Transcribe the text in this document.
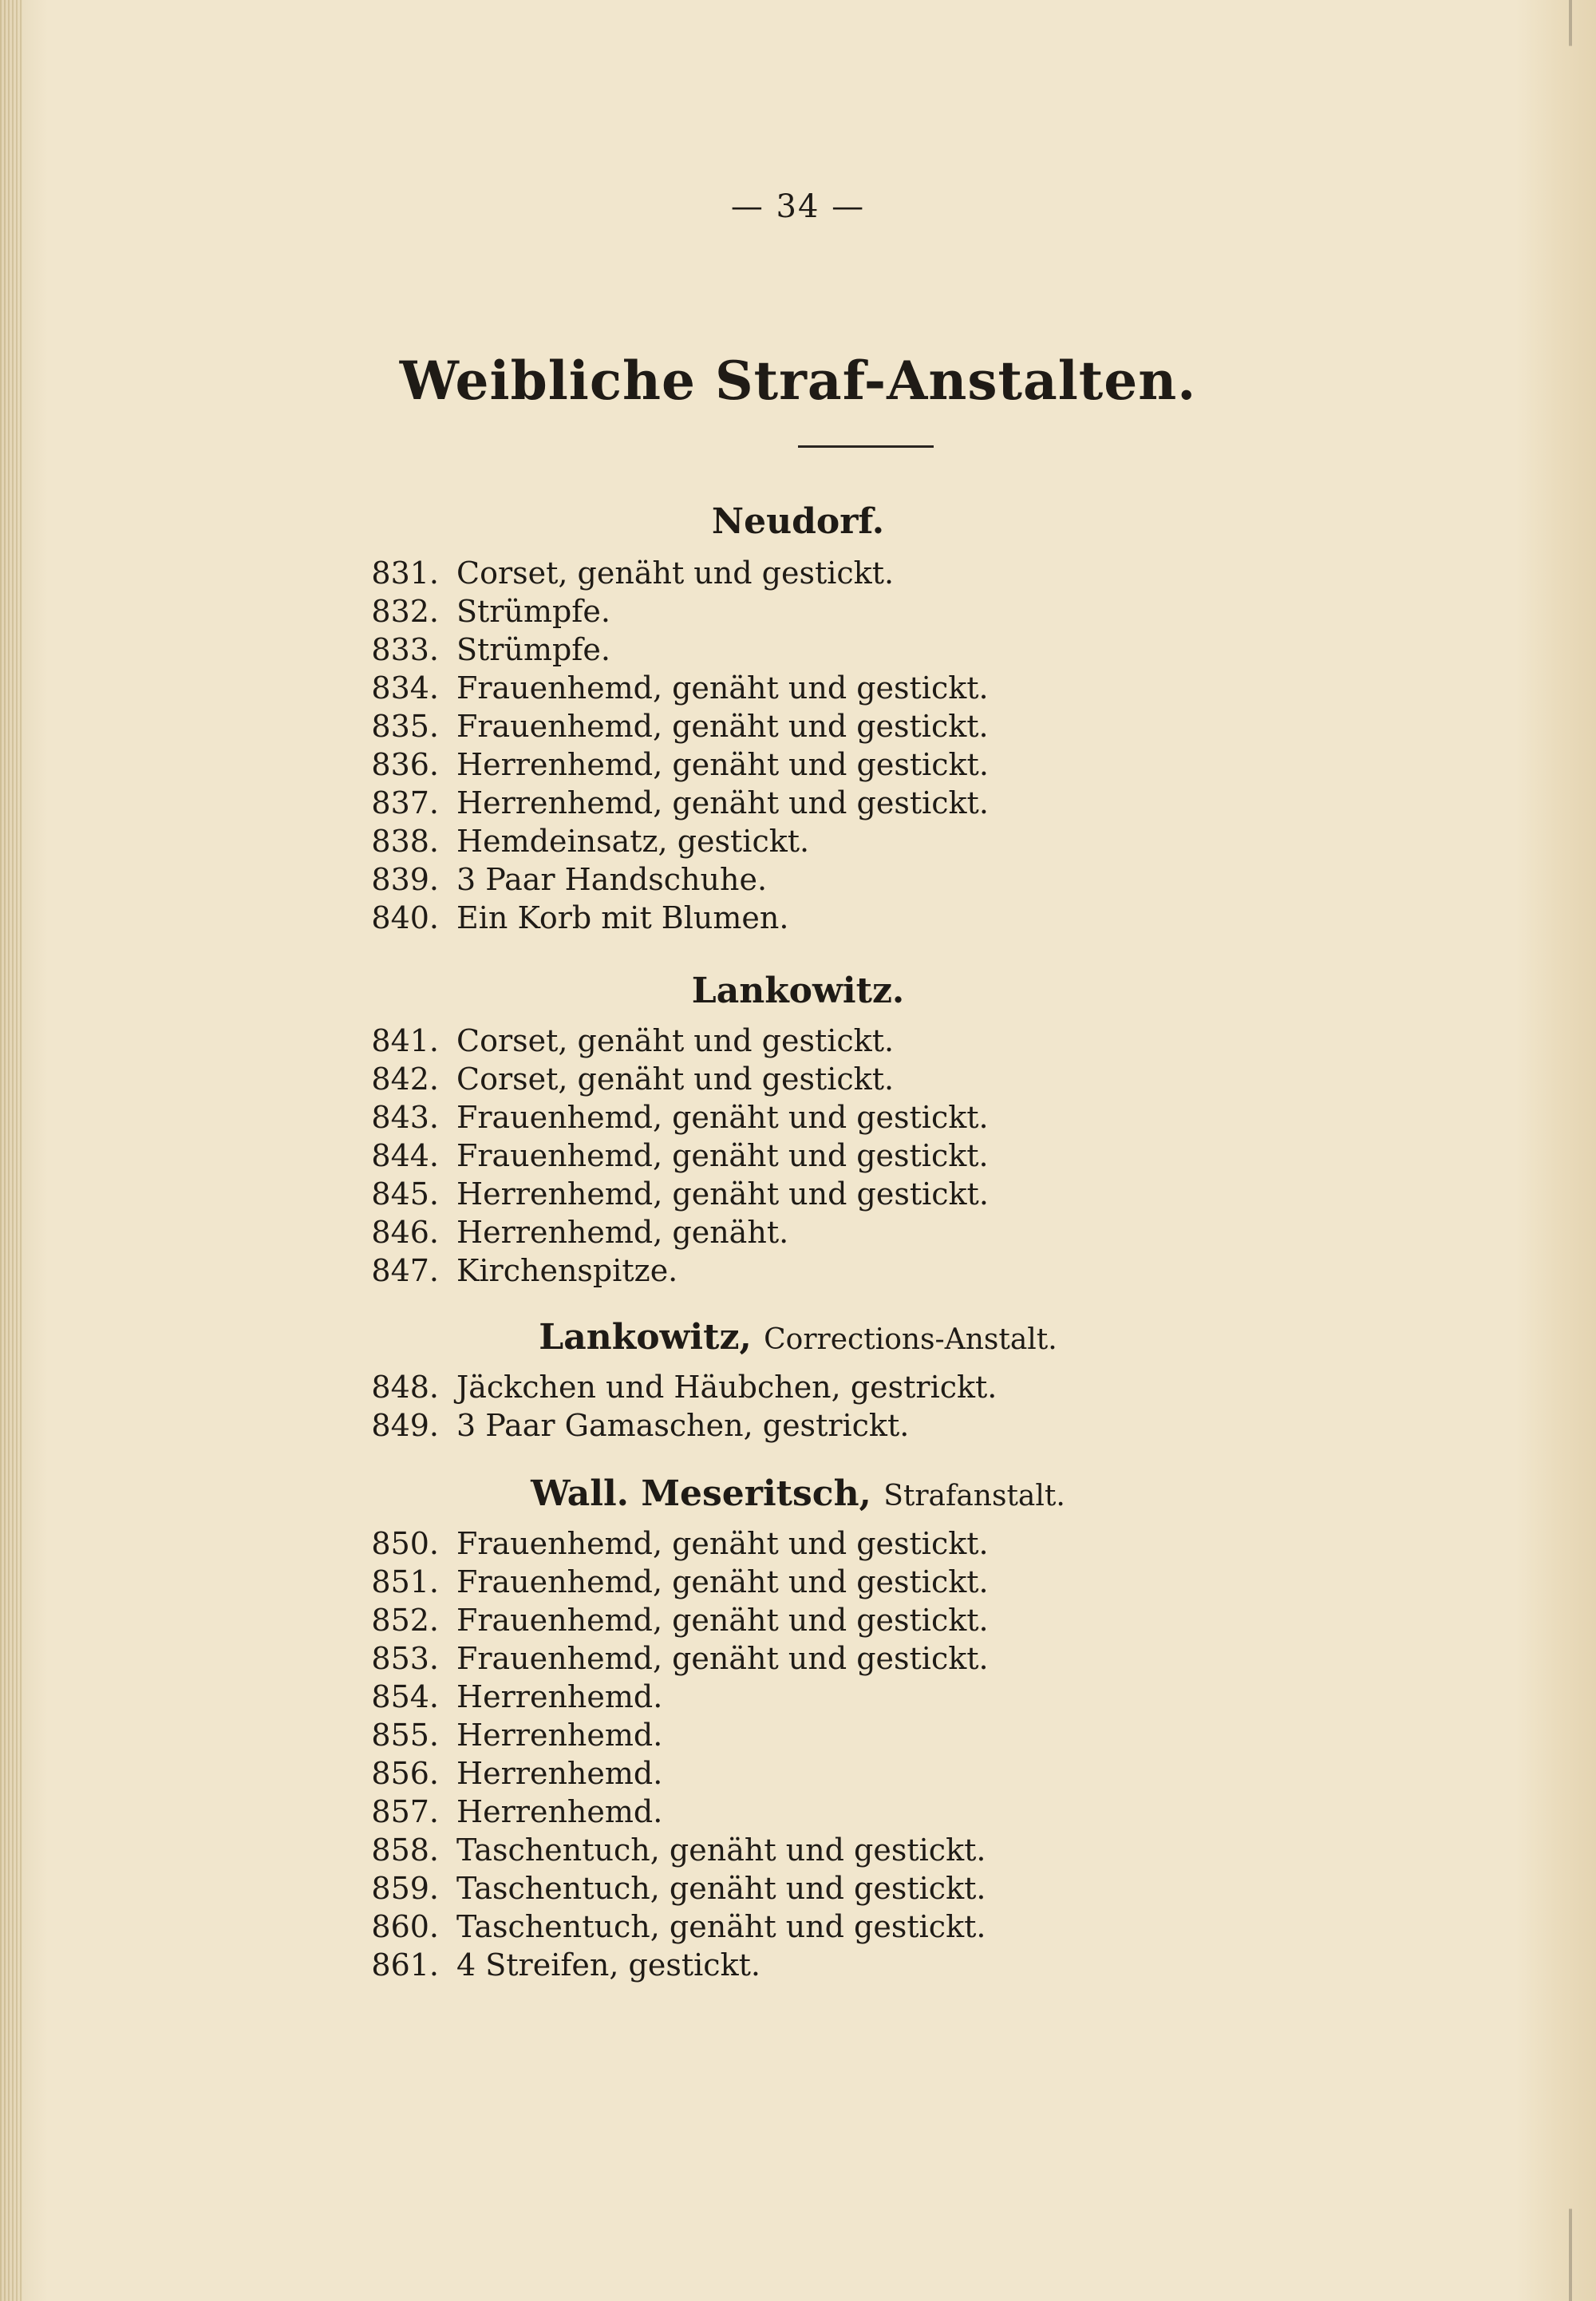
— 34 —
Weibliche Straf-Anstalten.
Neudorf.
831. Corset, genäht und gestickt.
832. Strümpfe.
833. Strümpfe.
834. Frauenhemd, genäht und gestickt.
835. Frauenhemd, genäht und gestickt.
836. Herrenhemd, genäht und gestickt.
837. Herrenhemd, genäht und gestickt.
838. Hemdeinsatz, gestickt.
839. 3 Paar Handschuhe.
840. Ein Korb mit Blumen.
Lankowitz.
841. Corset, genäht und gestickt.
842. Corset, genäht und gestickt.
843. Frauenhemd, genäht und gestickt.
844. Frauenhemd, genäht und gestickt.
845. Herrenhemd, genäht und gestickt.
846. Herrenhemd, genäht.
847. Kirchenspitze.
Lankowitz, Corrections-Anstalt.
848. Jäckchen und Häubchen, gestrickt.
849. 3 Paar Gamaschen, gestrickt.
Wall. Meseritsch, Strafanstalt.
850. Frauenhemd, genäht und gestickt.
851. Frauenhemd, genäht und gestickt.
852. Frauenhemd, genäht und gestickt.
853. Frauenhemd, genäht und gestickt.
854. Herrenhemd.
855. Herrenhemd.
856. Herrenhemd.
857. Herrenhemd.
858. Taschentuch, genäht und gestickt.
859. Taschentuch, genäht und gestickt.
860. Taschentuch, genäht und gestickt.
861. 4 Streifen, gestickt.
